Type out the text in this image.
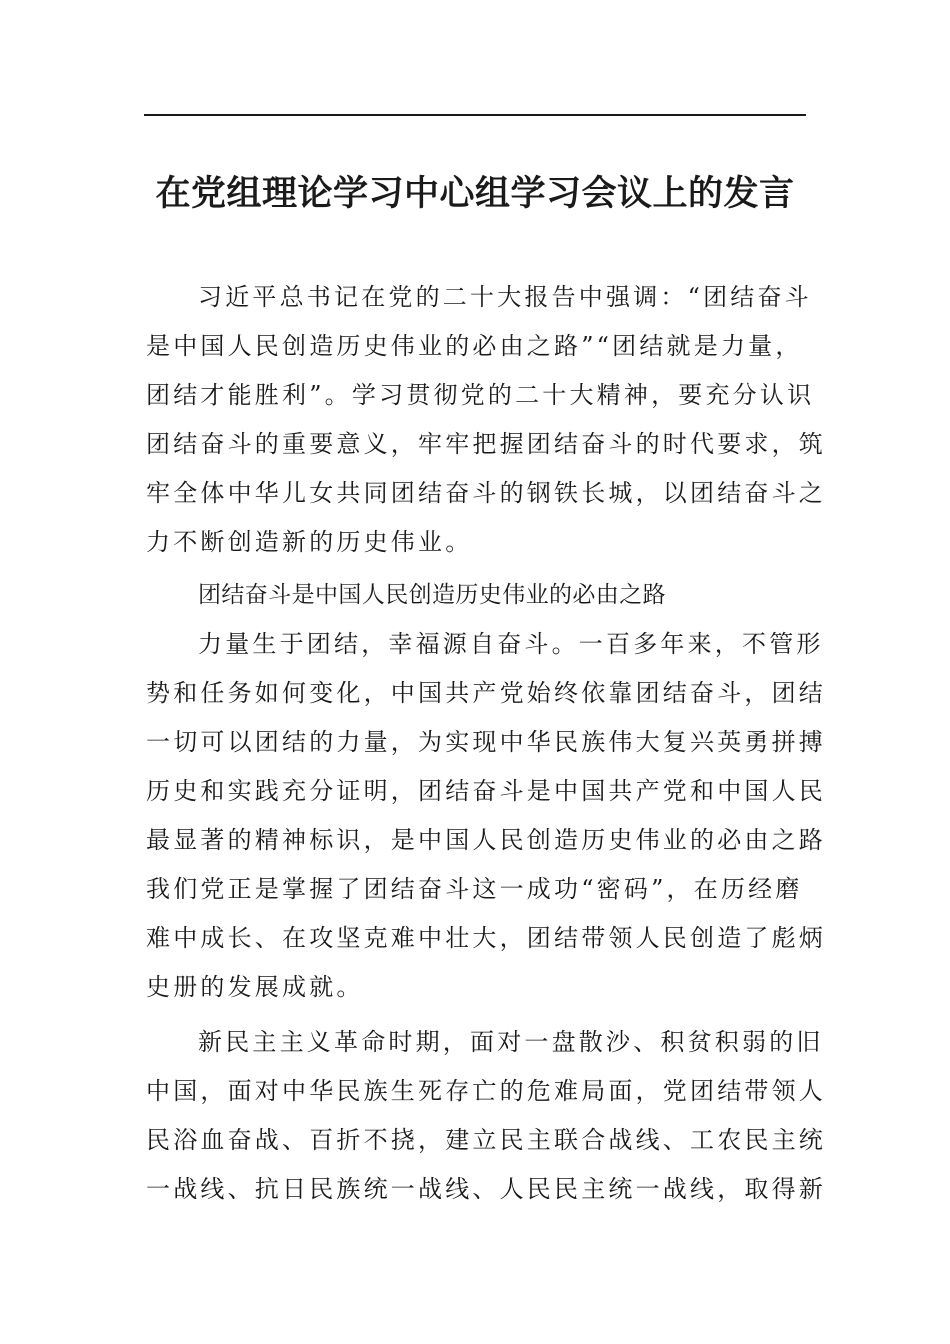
在党组理论学习中心组学习会议上的发言
习近平总书记在党的二十大报告中强调：“团结奋斗
是中国人民创造历史伟业的必由之路”“团结就是力量，
团结才能胜利”。学习贯彻党的二十大精神，要充分认识
团结奋斗的重要意义，牢牢把握团结奋斗的时代要求，筑
牢全体中华儿女共同团结奋斗的钢铁长城，以团结奋斗之
力不断创造新的历史伟业。
团结奋斗是中国人民创造历史伟业的必由之路
力量生于团结，幸福源自奋斗。一百多年来，不管形
势和任务如何变化，中国共产党始终依靠团结奋斗，团结
一切可以团结的力量，为实现中华民族伟大复兴英勇拼搏
历史和实践充分证明，团结奋斗是中国共产党和中国人民
最显著的精神标识，是中国人民创造历史伟业的必由之路
我们党正是掌握了团结奋斗这一成功“密码”，在历经磨
难中成长、在攻坚克难中壮大，团结带领人民创造了彪炳
史册的发展成就。
新民主主义革命时期，面对一盘散沙、积贫积弱的旧
中国，面对中华民族生死存亡的危难局面，党团结带领人
民浴血奋战、百折不挠，建立民主联合战线、工农民主统
一战线、抗日民族统一战线、人民民主统一战线，取得新
